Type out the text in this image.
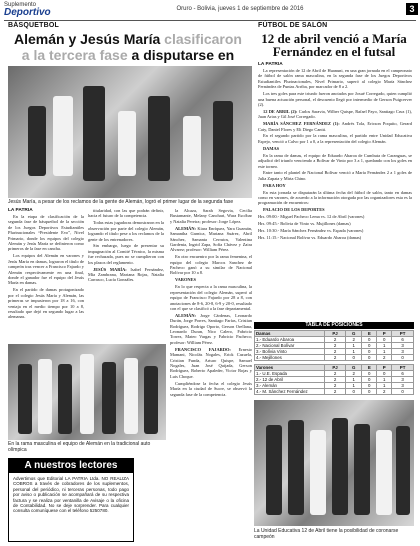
Suplemento
Deportivo	Oruro - Bolivia, jueves 1 de septiembre de 2016	3
BÁSQUETBOL
Alemán y Jesús María clasificaron
a la tercera fase a disputarse en
Jesús María, a pesar de los reclamos de la gente de Alemán, logró el primer lugar de la segunda fase
LA PATRIA

En la etapa de clasificación de la segunda fase de básquetbol de la sección de los Juegos Deportivos Estudiantiles Plurinacionales “Presidente Evo”, Nivel Primario, donde los equipos del colegio Alemán y Jesús María se definieron como primeros de la fase en cancha.

Los equipos del Alemán en varones y Jesús María en damas, lograron el título de campeón tras vencer a Francisco Fajardo y Alemán respectivamente en una final, donde el ganador fue el equipo del Jesús María en damas.

En el partido de damas protagonizado por el colegio Jesús María y Alemán, las primeras se impusieron por 18 a 16, con ventaja en el medio tiempo por 10 a 8, resultado que dejó en segundo lugar a las alemanas.

titularidad, con las que podrán definir, hacia el futuro de la competencia.

Todas estas jugadoras demostraron en la observación por parte del colegio Alemán, logrando el título pese a los reclamos de la gente de los entrenadores.

Sin embargo, luego de presentar su impugnación al Comité Técnico, la misma fue rechazada, pues no se cumplieron con los plazos del reglamento.

JESÚS MARÍA: Isabel Fernández, Mía Zambrana, Mariana Rojas, Natalia Carrasco, Lucía Gonzáles.

la Alcaza, Sarah Segovia, Cecilia Bustamante, Melany Canchari, Wara Escóbar y Natalia Pereira; profesor: Jorge López.

ALEMÁN: Kiara Enríquez, Yara Guzmán, Samantha Garnica, Mariana Suárez, Abril Sánchez, Samanta Cerrutos, Valentina Gardenia, Ingrid Zapa, Sofía Chávez y Zaira Alvarez; profesor: William Pérez.

En otro encuentro por la rama femenina, el equipo del colegio Marcos Sanchez de Pacheco ganó a su similar de Nacional Bolívar por 10 a 8.

VARONES

En lo que respecta a la rama masculina, la representación del colegio Alemán, superó al equipo de Francisco Fajardo por 28 a 8, con anotaciones de 8-6, 20-8, 6-9 y 20-0, resultado con el que se clasificó a la fase departamental.

ALEMÁN: Jorge Cárdenas, Leonardo Durán, Jorge Porres, Santiago Farías, Cristian Rodríguez, Rodrigo Oporto, Gerson Orellana, Leonardo Duran, Nico Calero, Fabricio Torrez, Mateo Vargas y Fabricio Pacheco; profesor: William Pérez.

FRANCISCO FAJARDO: Ernesto Mamani, Nicolás Nogales, Erick Cazuela, Cristian Funda, Arturo Quispe, Samuel Nogales, Juan José Quijada, Gerson Rodríguez, Roberto Apaleder, Victor Rojas y Luis Choque.

Cumpliéndose la fecha el colegio Jesús María en la ciudad de Sucre, se observó la segunda fase de la competencia.

En la rama masculina el equipo de Alemán en la tradicional auto olímpica
A nuestros lectores
Advertimos que Editorial LA PATRIA Ltda. NO REALIZA COBROS a través de cobradores de los suplementos, personal del periódico, ni terceras personas, todo pago por aviso o publicación se acompañará de su respectiva factura y se realiza por ventanilla de Avisaje o la oficina de Contabilidad. No se deje sorprender. Para cualquier consulta comuníquese con el teléfono 5250780.
FÚTBOL DE SALÓN
12 de abril venció a María Fernández en el futsal
LA PATRIA

La representación de 12 de Abril de Huanuni, en una gran jornada en el campeonato de fútbol de salón rama masculina, en la segunda fase de los Juegos Deportivos Estudiantiles Plurinacionales, Nivel Primario, superó al colegio María Sánchez Fernández de Puntas Arriba, por marcador de 8 a 2.

Los tres goles para este triunfo fueron anotados por Josué Corregado, quien cumplió una buena actuación personal, el descuento llegó por intermedio de Gerson Puigcerver (2).

12 DE ABRIL (2): Carlos Saravia, Wilber Quispe, Rafael Payo, Santiago Cruz (1), Juan Arias y Gil José Corregado.

MARÍA SÁNCHEZ FERNÁNDEZ (1): Andrés Tola, Ericson Poquito, Gerard Caty, Daniel Flores y Eli Diego Cantú.

En el segundo partido por la rama masculina, el partido entre Unidad Educativa Espejo, venció a Calvo por 1 a 0, a la representación del colegio Alemán.

DAMAS

En la rama de damas, el equipo de Eduardo Abaroa de Cumbuta de Caranguas, se adjudicó del triunfo venciendo a Bolívar de Vinto por 3 a 1, quedando con los goles en este torneo.

Entre tanto el plantel de Nacional Bolívar venció a María Fernández 2 a 1 goles de Julia Zapata y Mirta Chino.

PARA HOY

En esta jornada se disputarán la última fecha del fútbol de salón, tanto en damas como en varones, de acuerdo a la información otorgada por las organizadores esta es la programación de encuentros:

PALACIO DE LOS DEPORTES

Hrs. 09:00.- Miguel Pacheco Lema vs. 12 de Abril (varones)

Hrs. 09:45.- Bolivia de Vinto vs. Mujillones (damas)

Hrs. 10:30.- María Sánchez Fernández vs. Espada (varones)

Hrs. 11:15.- Nacional Bolívar vs. Eduardo Abaroa (damas)

TABLA DE POSICIONES
Damas	PJ	G	E	P	PT
1.- Eduardo Abaroa	2	2	0	0	6
2.- Nacional Bolívar	2	1	0	1	3
3.- Bolívia Vinto	2	1	0	1	3
4.- Mejillones	2	0	0	2	0
Varones	PJ	G	E	P	PT
1.- U.E. Espada	2	2	0	0	6
2.- 12 de Abril	2	1	0	1	3
3.- Alemán	2	1	0	1	3
4.- M. Sánchez Fernández	2	0	0	2	0
La Unidad Educativa 12 de Abril tiene la posibilidad de coronarse campeón
